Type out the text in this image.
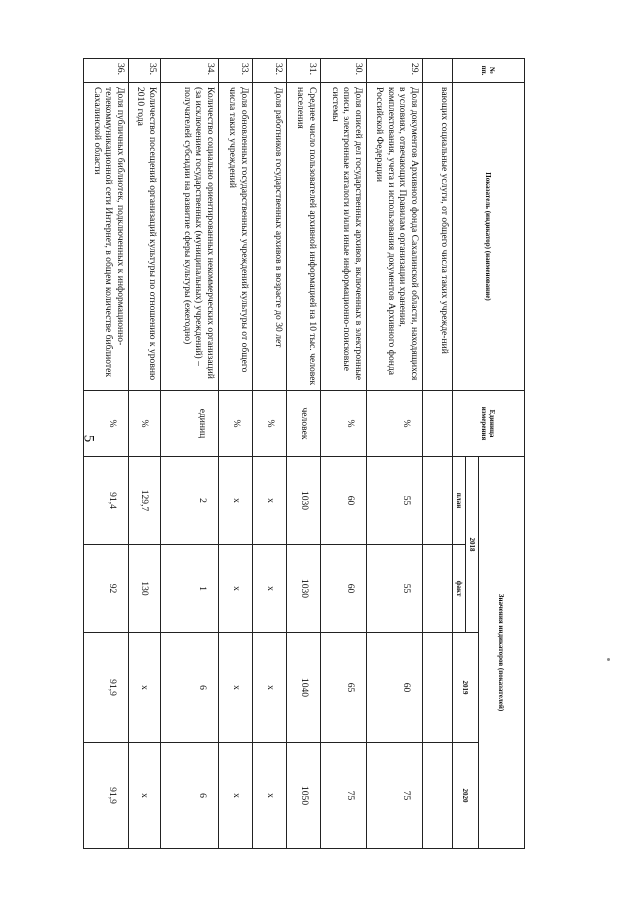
5
№ пп.	Показатель (индикатор) (наименование)	Единица измерения	Значения индикаторов (показателей)			
			2018		2019	2020
			план	факт		
	вающих социальные услуги, от общего числа таких учрежде-ний					
29.	Доля документов Архивного фонда Сахалинской области, находящихся в условиях, отвечающих Правилам организации хранения, комплектования, учета и использования документов Архивного фонда Российской Федерации	%	55	55	60	75
30.	Доля описей дел государственных архивов, включенных в электронные описи, электронные каталоги и/или иные информационно-поисковые системы	%	60	60	65	75
31.	Среднее число пользователей архивной информацией на 10 тыс. человек населения	человек	1030	1030	1040	1050
32.	Доля работников государственных архивов в возрасте до 30 лет	%	х	х	х	х
33.	Доля обновленных государственных учреждений культуры от общего числа таких учреждений	%	х	х	х	х
34.	Количество социально ориентированных некоммерческих организаций (за исключением государственных (муниципальных) учреждений) – получателей субсидии на развитие сферы культуры (ежегодно)	единиц	2	1	6	6
35.	Количество посещений организаций культуры по отношению к уровню 2010 года	%	129,7	130	х	х
36.	Доля публичных библиотек, подключенных к информационно-телекоммуникационной сети Интернет, в общем количестве библиотек Сахалинской области	%	91,4	92	91,9	91,9
